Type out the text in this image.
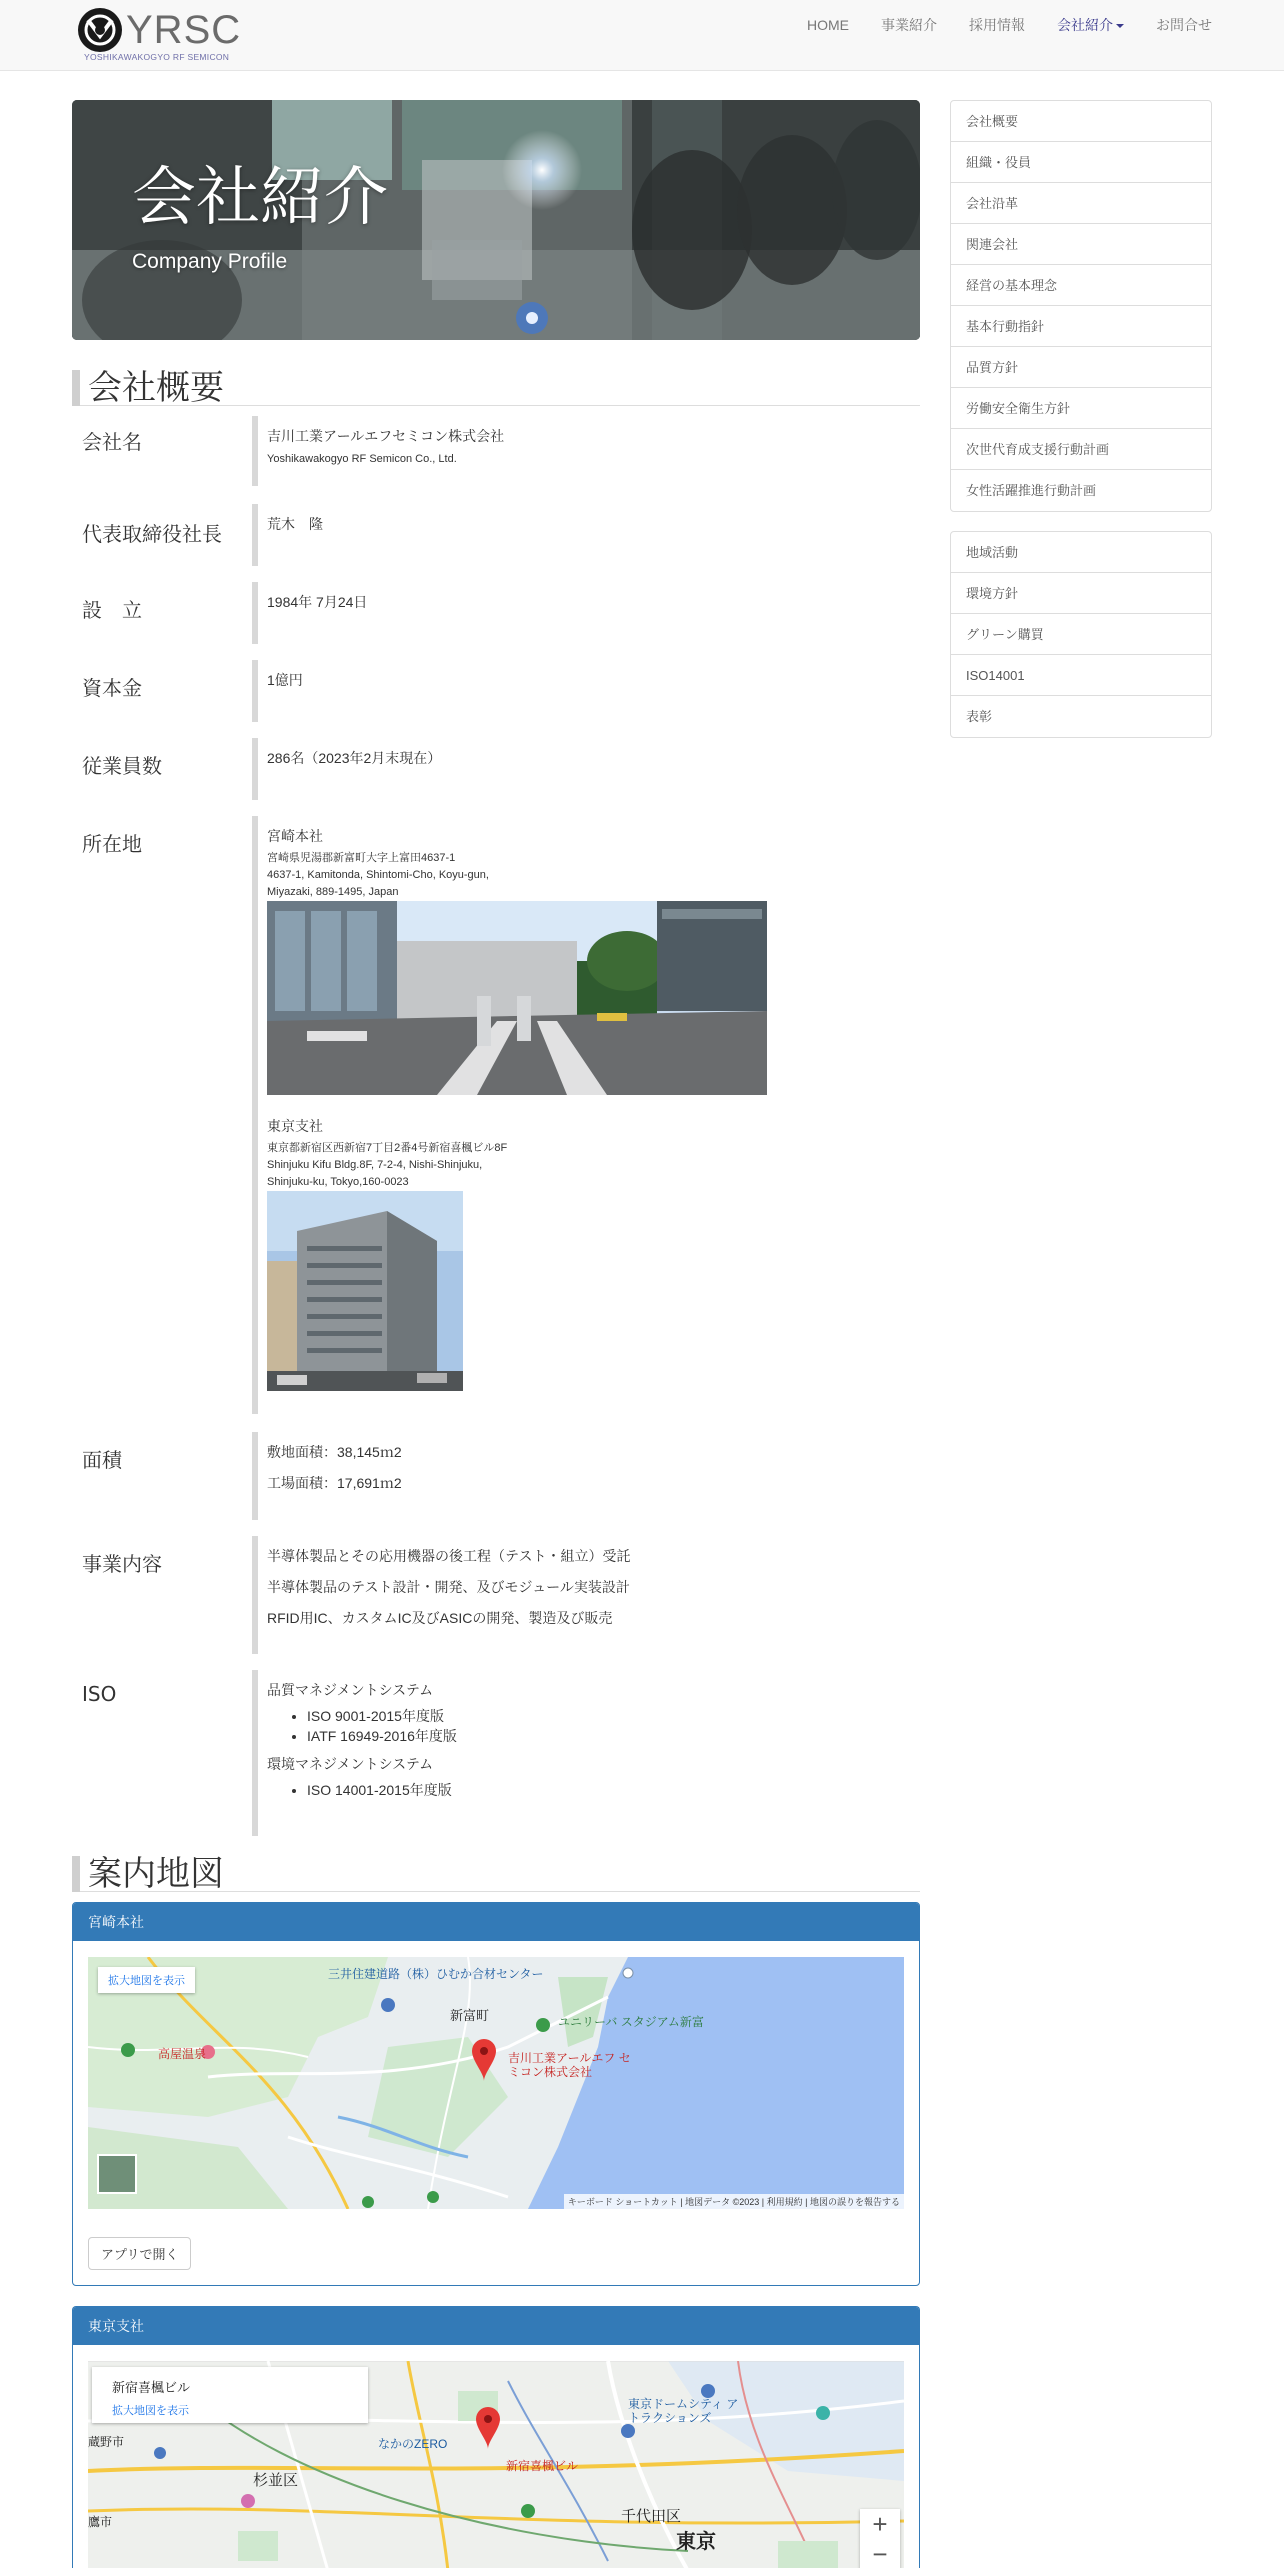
YRSC
YOSHIKAWAKOGYO RF SEMICON
HOME	事業紹介	採用情報	会社紹介	お問合せ
会社紹介
Company Profile
会社概要
組織・役員
会社沿革
関連会社
経営の基本理念
基本行動指針
品質方針
労働安全衛生方針
次世代育成支援行動計画
女性活躍推進行動計画
地域活動
環境方針
グリーン購買
ISO14001
表彰
会社概要
会社名	吉川工業アールエフセミコン株式会社
Yoshikawakogyo RF Semicon Co., Ltd.
代表取締役社長	荒木　隆
設　立	1984年 7月24日
資本金	1億円
従業員数	286名（2023年2月末現在）
所在地	宮崎本社
宮崎県児湯郡新富町大字上富田4637-1
4637-1, Kamitonda, Shintomi-Cho, Koyu-gun,
Miyazaki, 889-1495, Japan
東京支社
東京都新宿区西新宿7丁目2番4号新宿喜楓ビル8F
Shinjuku Kifu Bldg.8F, 7-2-4, Nishi-Shinjuku,
Shinjuku-ku, Tokyo,160-0023
面積	敷地面積：38,145ｍ2
工場面積：17,691ｍ2
事業内容	半導体製品とその応用機器の後工程（テスト・組立）受託
半導体製品のテスト設計・開発、及びモジュール実装設計
RFID用IC、カスタムIC及びASICの開発、製造及び販売
ISO	品質マネジメントシステム
• ISO 9001-2015年度版
• IATF 16949-2016年度版
環境マネジメントシステム
• ISO 14001-2015年度版
案内地図
宮崎本社
拡大地図を表示	三井住建道路（株）ひむか合材センター
新富町	ユニリーバ スタジアム新富
高屋温泉	吉川工業アールエフ セミコン株式会社
キーボード ショートカット | 地図データ ©2023 | 利用規約 | 地図の誤りを報告する
アプリで開く
東京支社
新宿喜楓ビル
拡大地図を表示
新宿喜楓ビル
杉並区
千代田区
東京
東京ドームシティ アトラクションズ
なかのZERO
蔵野市
鷹市	+
−
